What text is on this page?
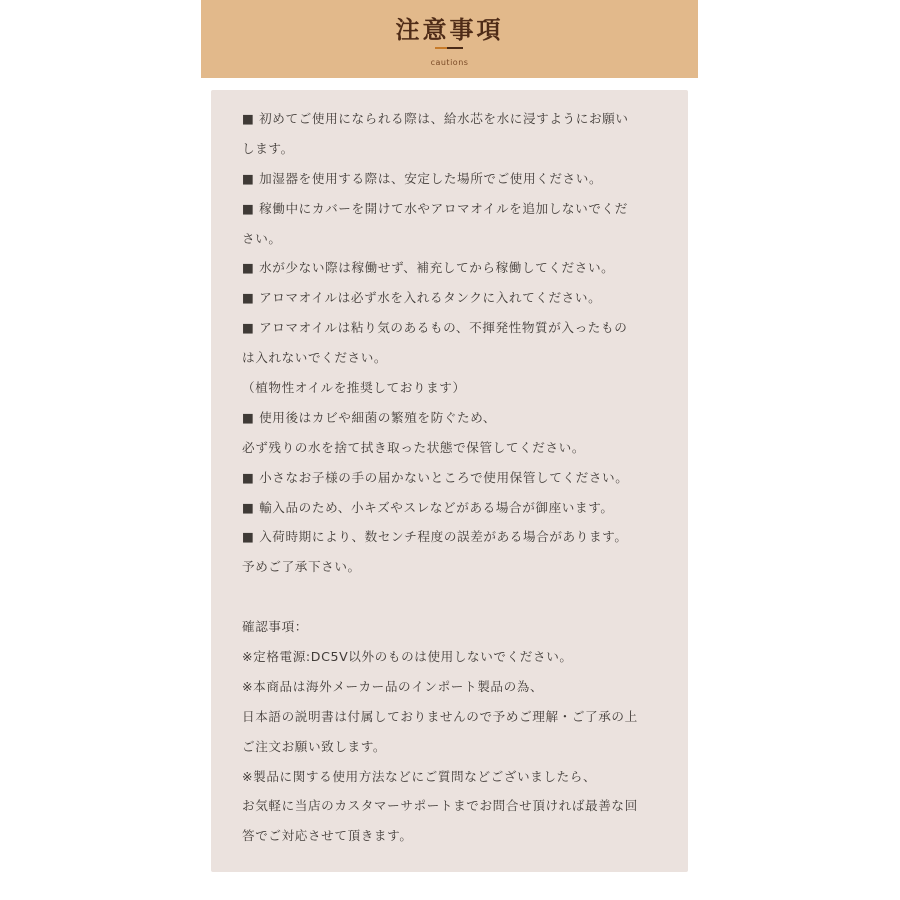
注意事項
cautions
■ 初めてご使用になられる際は、給水芯を水に浸すようにお願い
します。
■ 加湿器を使用する際は、安定した場所でご使用ください。
■ 稼働中にカバーを開けて水やアロマオイルを追加しないでくだ
さい。
■ 水が少ない際は稼働せず、補充してから稼働してください。
■ アロマオイルは必ず水を入れるタンクに入れてください。
■ アロマオイルは粘り気のあるもの、不揮発性物質が入ったもの
は入れないでください。
（植物性オイルを推奨しております）
■ 使用後はカビや細菌の繁殖を防ぐため、
必ず残りの水を捨て拭き取った状態で保管してください。
■ 小さなお子様の手の届かないところで使用保管してください。
■ 輸入品のため、小キズやスレなどがある場合が御座います。
■ 入荷時期により、数センチ程度の誤差がある場合があります。
予めご了承下さい。
確認事項：
※定格電源:DC5V以外のものは使用しないでください。
※本商品は海外メーカー品のインポート製品の為、
日本語の説明書は付属しておりませんので予めご理解・ご了承の上
ご注文お願い致します。
※製品に関する使用方法などにご質問などございましたら、
お気軽に当店のカスタマーサポートまでお問合せ頂ければ最善な回
答でご対応させて頂きます。
